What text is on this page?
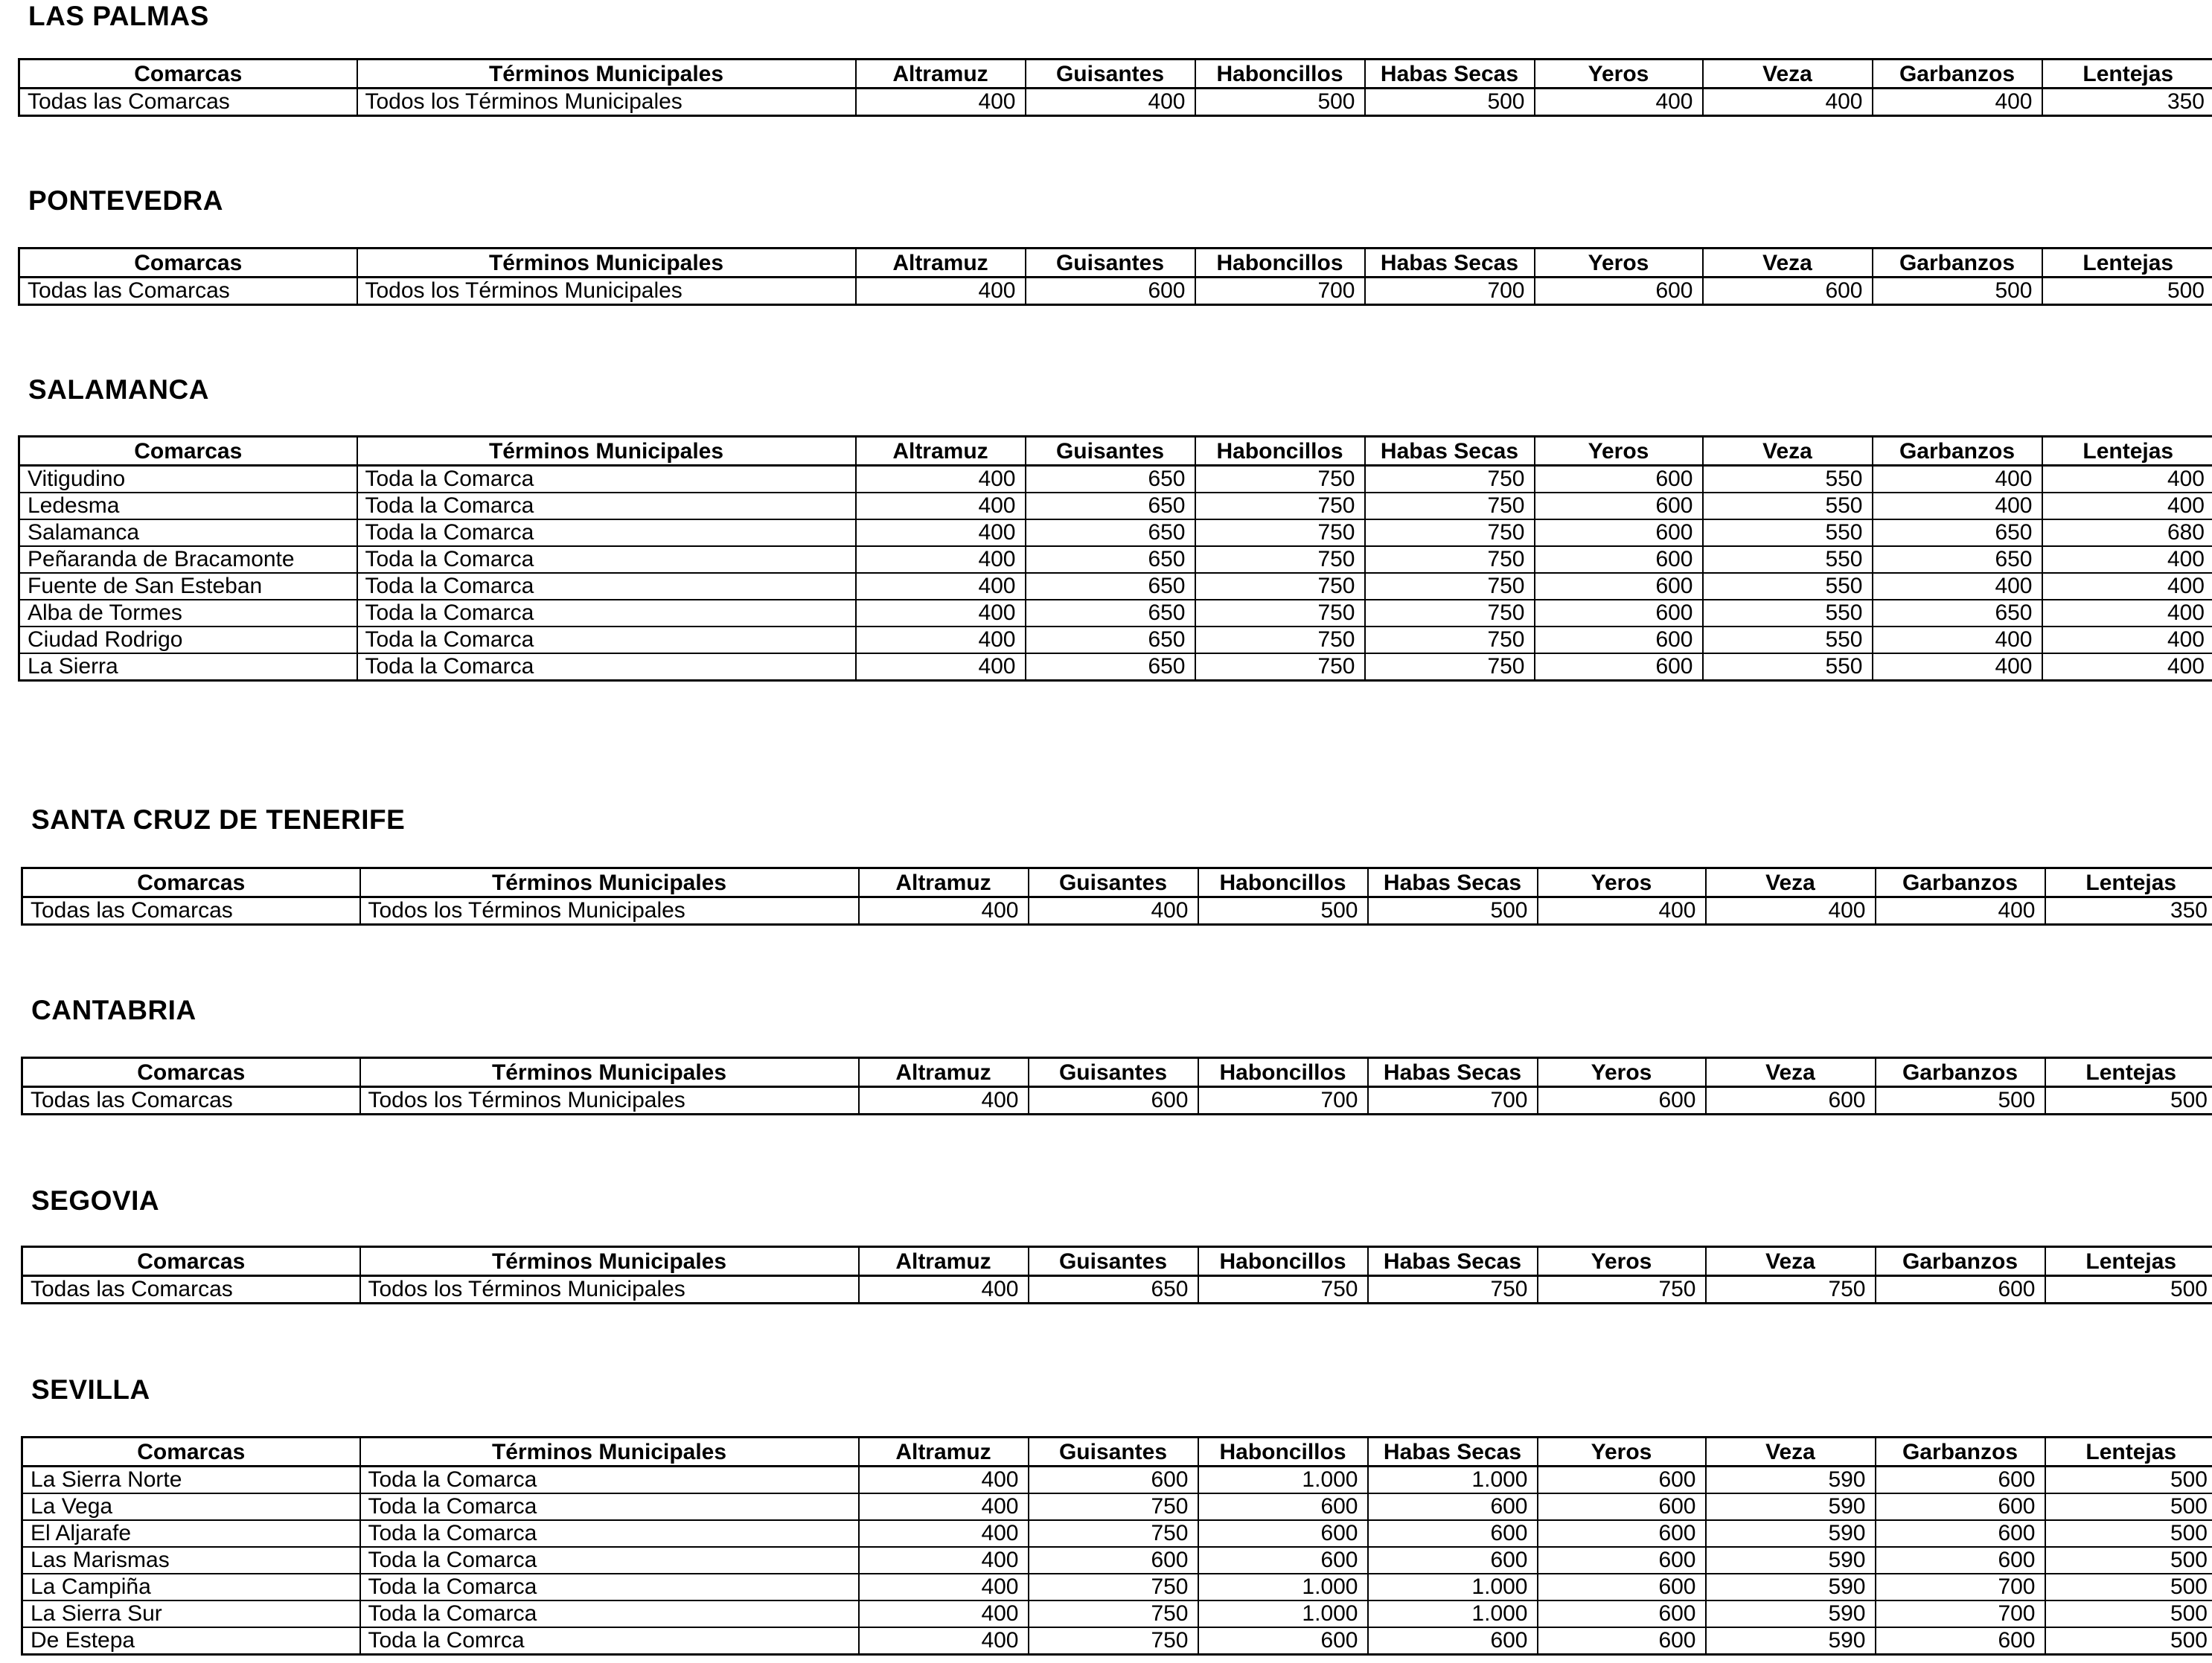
LAS PALMAS
Comarcas	Términos Municipales	Altramuz	Guisantes	Haboncillos	Habas Secas	Yeros	Veza	Garbanzos	Lentejas
Todas las Comarcas	Todos los Términos Municipales	400	400	500	500	400	400	400	350
PONTEVEDRA
Comarcas	Términos Municipales	Altramuz	Guisantes	Haboncillos	Habas Secas	Yeros	Veza	Garbanzos	Lentejas
Todas las Comarcas	Todos los Términos Municipales	400	600	700	700	600	600	500	500
SALAMANCA
Comarcas	Términos Municipales	Altramuz	Guisantes	Haboncillos	Habas Secas	Yeros	Veza	Garbanzos	Lentejas
Vitigudino	Toda la Comarca	400	650	750	750	600	550	400	400
Ledesma	Toda la Comarca	400	650	750	750	600	550	400	400
Salamanca	Toda la Comarca	400	650	750	750	600	550	650	680
Peñaranda de Bracamonte	Toda la Comarca	400	650	750	750	600	550	650	400
Fuente de San Esteban	Toda la Comarca	400	650	750	750	600	550	400	400
Alba de Tormes	Toda la Comarca	400	650	750	750	600	550	650	400
Ciudad Rodrigo	Toda la Comarca	400	650	750	750	600	550	400	400
La Sierra	Toda la Comarca	400	650	750	750	600	550	400	400
SANTA CRUZ DE TENERIFE
Comarcas	Términos Municipales	Altramuz	Guisantes	Haboncillos	Habas Secas	Yeros	Veza	Garbanzos	Lentejas
Todas las Comarcas	Todos los Términos Municipales	400	400	500	500	400	400	400	350
CANTABRIA
Comarcas	Términos Municipales	Altramuz	Guisantes	Haboncillos	Habas Secas	Yeros	Veza	Garbanzos	Lentejas
Todas las Comarcas	Todos los Términos Municipales	400	600	700	700	600	600	500	500
SEGOVIA
Comarcas	Términos Municipales	Altramuz	Guisantes	Haboncillos	Habas Secas	Yeros	Veza	Garbanzos	Lentejas
Todas las Comarcas	Todos los Términos Municipales	400	650	750	750	750	750	600	500
SEVILLA
Comarcas	Términos Municipales	Altramuz	Guisantes	Haboncillos	Habas Secas	Yeros	Veza	Garbanzos	Lentejas
La Sierra Norte	Toda la Comarca	400	600	1.000	1.000	600	590	600	500
La Vega	Toda la Comarca	400	750	600	600	600	590	600	500
El Aljarafe	Toda la Comarca	400	750	600	600	600	590	600	500
Las Marismas	Toda la Comarca	400	600	600	600	600	590	600	500
La Campiña	Toda la Comarca	400	750	1.000	1.000	600	590	700	500
La Sierra Sur	Toda la Comarca	400	750	1.000	1.000	600	590	700	500
De Estepa	Toda la Comrca	400	750	600	600	600	590	600	500
